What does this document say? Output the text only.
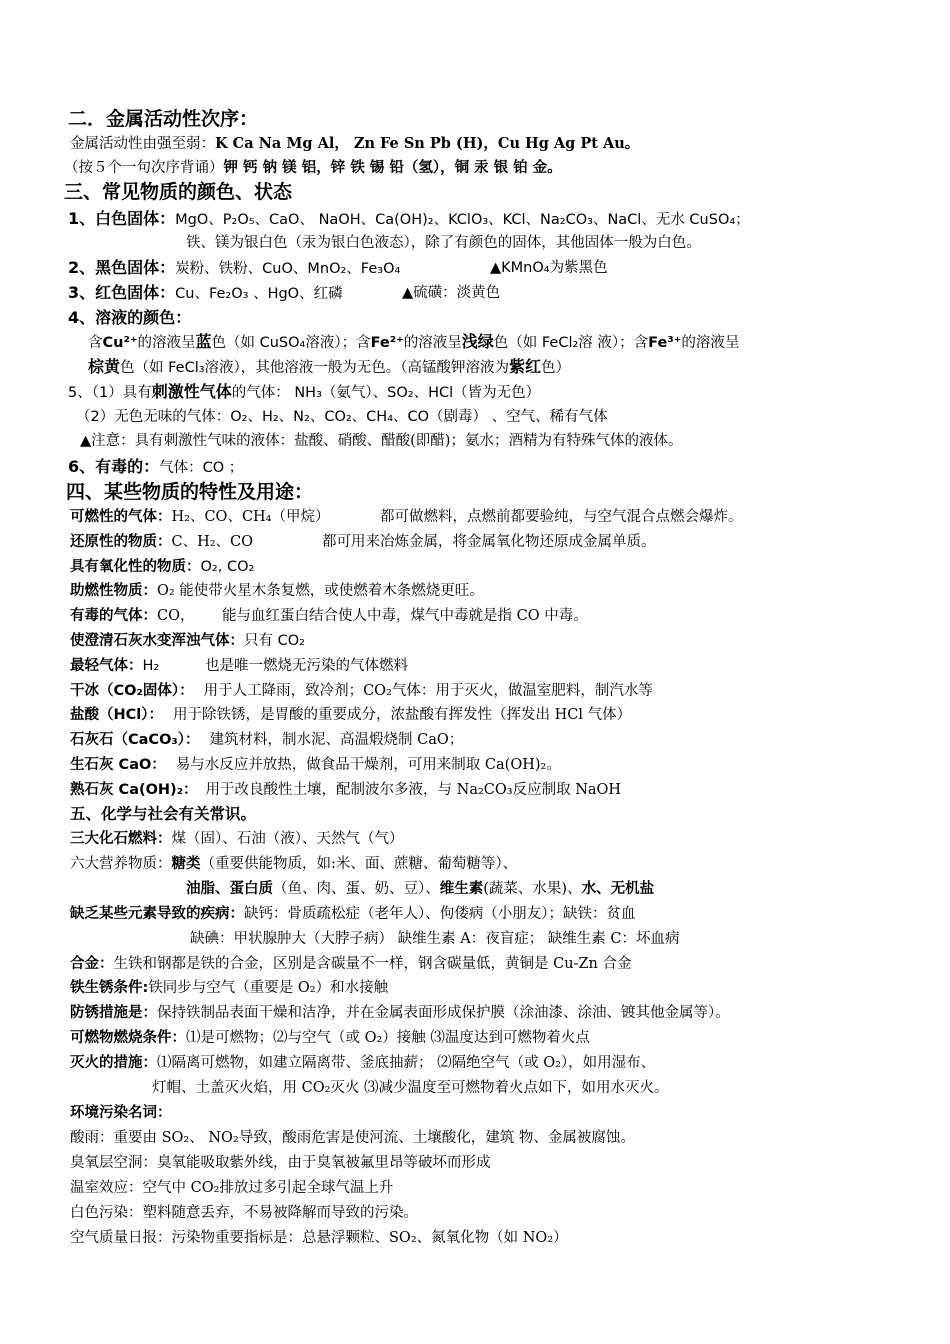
二．金属活动性次序：
金属活动性由强至弱：K Ca Na Mg Al， Zn Fe Sn Pb (H)，Cu Hg Ag Pt Au。
（按５个一句次序背诵）钾 钙 钠 镁 铝，锌 铁 锡 铅（氢），铜 汞 银 铂 金。
三、常见物质的颜色、状态
1、白色固体：MgO、P₂O₅、CaO、 NaOH、Ca(OH)₂、KClO₃、KCl、Na₂CO₃、NaCl、无水 CuSO₄；
铁、镁为银白色（汞为银白色液态），除了有颜色的固体，其他固体一般为白色。
2、黑色固体：炭粉、铁粉、CuO、MnO₂、Fe₃O₄	▲KMnO₄为紫黑色
3、红色固体：Cu、Fe₂O₃ 、HgO、红磷	▲硫磺：淡黄色
4、溶液的颜色：
含Cu²⁺的溶液呈蓝色（如 CuSO₄溶液）；含Fe²⁺的溶液呈浅绿色（如 FeCl₂溶 液）；含Fe³⁺的溶液呈
棕黄色（如 FeCl₃溶液），其他溶液一般为无色。（高锰酸钾溶液为紫红色）
5、（1）具有刺激性气体的气体： NH₃（氨气）、SO₂、HCl（皆为无色）
（2）无色无味的气体：O₂、H₂、N₂、CO₂、CH₄、CO（剧毒） 、空气、稀有气体
▲注意：具有刺激性气味的液体：盐酸、硝酸、醋酸(即醋)；氨水；酒精为有特殊气体的液体。
6、有毒的：气体：CO ；
四、某些物质的特性及用途：
可燃性的气体：H₂、CO、CH₄（甲烷）	都可做燃料，点燃前都要验纯，与空气混合点燃会爆炸。
还原性的物质：C、H₂、CO	都可用来冶炼金属，将金属氧化物还原成金属单质。
具有氧化性的物质：O₂, CO₂
助燃性物质：O₂ 能使带火星木条复燃，或使燃着木条燃烧更旺。
有毒的气体：CO， 能与血红蛋白结合使人中毒，煤气中毒就是指 CO 中毒。
使澄清石灰水变浑浊气体：只有 CO₂
最轻气体：H₂	也是唯一燃烧无污染的气体燃料
干冰（CO₂固体）： 用于人工降雨，致冷剂；CO₂气体：用于灭火，做温室肥料，制汽水等
盐酸（HCl）： 用于除铁锈，是胃酸的重要成分，浓盐酸有挥发性（挥发出 HCl 气体）
石灰石（CaCO₃）： 建筑材料，制水泥、高温煅烧制 CaO；
生石灰 CaO： 易与水反应并放热，做食品干燥剂，可用来制取 Ca(OH)₂。
熟石灰 Ca(OH)₂： 用于改良酸性土壤，配制波尔多液，与 Na₂CO₃反应制取 NaOH
五、化学与社会有关常识。
三大化石燃料：煤（固）、石油（液）、天然气（气）
六大营养物质：糖类（重要供能物质，如:米、面、蔗糖、葡萄糖等）、
油脂、蛋白质（鱼、肉、蛋、奶、豆）、维生素(蔬菜、水果)、水、无机盐
缺乏某些元素导致的疾病：缺钙：骨质疏松症（老年人）、佝偻病（小朋友）；缺铁：贫血
缺碘：甲状腺肿大（大脖子病） 缺维生素 A：夜盲症； 缺维生素 C：坏血病
合金：生铁和钢都是铁的合金，区别是含碳量不一样，钢含碳量低，黄铜是 Cu-Zn 合金
铁生锈条件:铁同步与空气（重要是 O₂）和水接触
防锈措施是：保持铁制品表面干燥和洁净，并在金属表面形成保护膜（涂油漆、涂油、镀其他金属等）。
可燃物燃烧条件：⑴是可燃物；⑵与空气（或 O₂）接触 ⑶温度达到可燃物着火点
灭火的措施：⑴隔离可燃物，如建立隔离带、釜底抽薪； ⑵隔绝空气（或 O₂），如用湿布、
灯帽、土盖灭火焰，用 CO₂灭火 ⑶减少温度至可燃物着火点如下，如用水灭火。
环境污染名词：
酸雨：重要由 SO₂、 NO₂导致，酸雨危害是使河流、土壤酸化，建筑 物、金属被腐蚀。
臭氧层空洞：臭氧能吸取紫外线，由于臭氧被氟里昂等破坏而形成
温室效应：空气中 CO₂排放过多引起全球气温上升
白色污染：塑料随意丢弃，不易被降解而导致的污染。
空气质量日报：污染物重要指标是：总悬浮颗粒、SO₂、氮氧化物（如 NO₂）
